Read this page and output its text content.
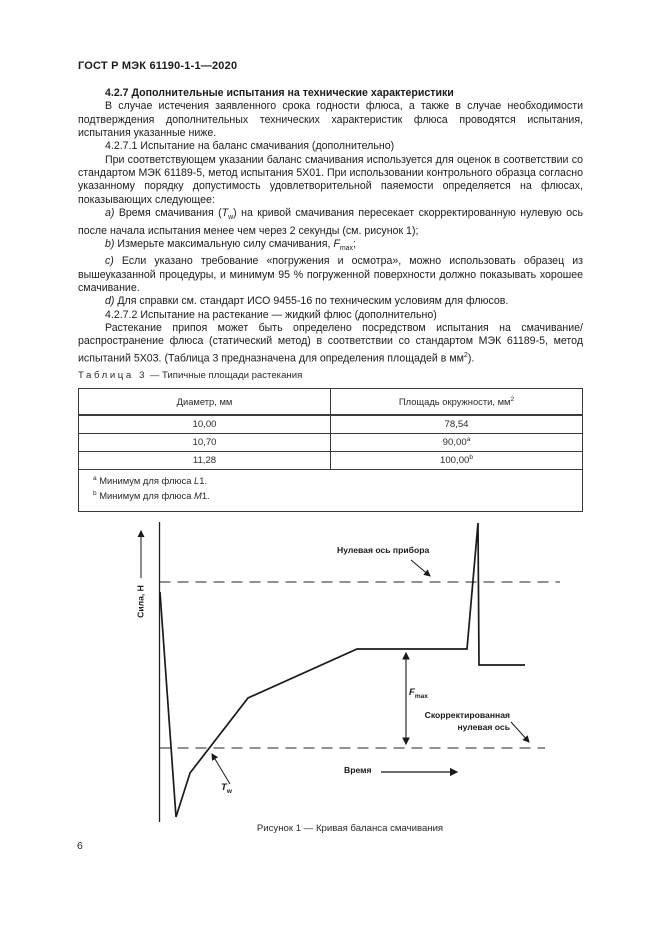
ГОСТ Р МЭК 61190-1-1—2020

4.2.7 Дополнительные испытания на технические характеристики

В случае истечения заявленного срока годности флюса, а также в случае необходимости подтверждения дополнительных технических характеристик флюса проводятся испытания, испытания указанные ниже.

4.2.7.1 Испытание на баланс смачивания (дополнительно)

При соответствующем указании баланс смачивания используется для оценок в соответствии со стандартом МЭК 61189-5, метод испытания 5X01. При использовании контрольного образца согласно указанному порядку допустимость удовлетворительной паяемости определяется на флюсах, показывающих следующее:

a) Время смачивания $(T_w)$ на кривой смачивания пересекает скорректированную нулевую ось после начала испытания менее чем через 2 секунды (см. рисунок 1);

b) Измерьте максимальную силу смачивания, $F_{max}$;

c) Если указано требование «погружения и осмотра», можно использовать образец из вышеуказанной процедуры, и минимум 95 % погруженной поверхности должно показывать хорошее смачивание.

d) Для справки см. стандарт ИСО 9455-16 по техническим условиям для флюсов.

4.2.7.2 Испытание на растекание — жидкий флюс (дополнительно)

Растекание припоя может быть определено посредством испытания на смачивание/распространение флюса (статический метод) в соответствии со стандартом МЭК 61189-5, метод испытаний 5X03. (Таблица 3 предназначена для определения площадей в $мм^2$).

Таблица 3 — Типичные площади растекания
Диаметр, мм	Площадь окружности, $мм^2$
10,00	78,54
10,70	90,00$^a$
11,28	100,00$^b$

$^a$ Минимум для флюса L1.
$^b$ Минимум для флюса M1.	
Сила, Н
Нулевая ось прибора
Скорректированная
нулевая ось
Время
$F_{max}$
$T_w$
Рисунок 1 — Кривая баланса смачивания
6
